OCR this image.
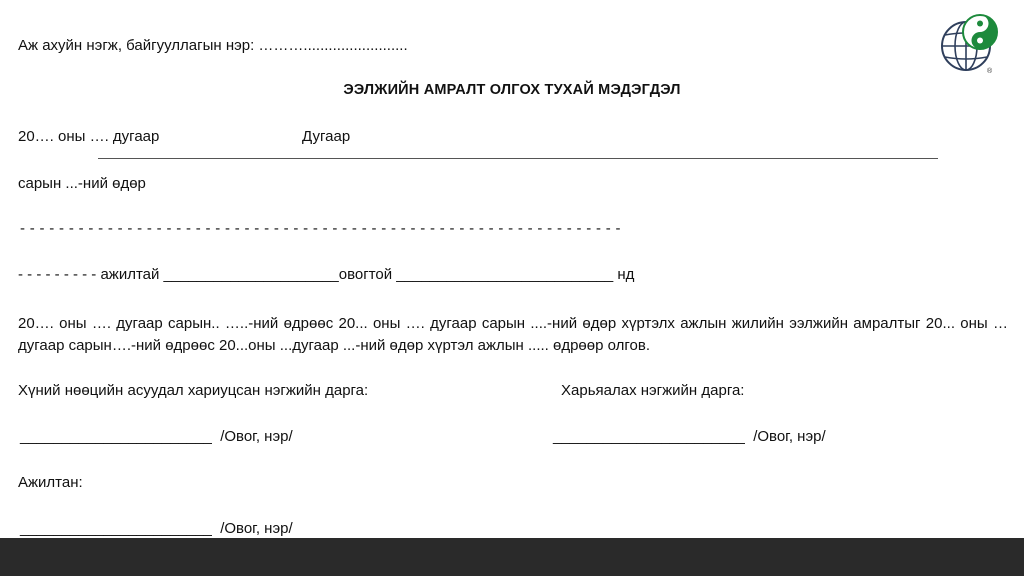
Аж ахуйн нэгж, байгууллагын нэр: ……….........................
®
ЭЭЛЖИЙН АМРАЛТ ОЛГОХ ТУХАЙ МЭДЭГДЭЛ
20…. оны …. дугаар	Дугаар
сарын ...-ний өдөр
- - - - - - - - - - - - - - - - - - - - - - - - - - - - - - - - - - - - - - - - - - - - - - - - - - - - - - - - - - - - - -
- - - - - - - - - ажилтай _____________________овогтой __________________________ нд
20…. оны …. дугаар сарын.. …..-ний өдрөөс 20... оны …. дугаар сарын ....-ний өдөр хүртэлх ажлын жилийн ээлжийн амралтыг 20... оны … дугаар сарын….-ний өдрөөс 20...оны ...дугаар ...-ний өдөр хүртэл ажлын ..... өдрөөр олгов.
Хүний нөөцийн асуудал хариуцсан нэгжийн дарга:	Харьяалах нэгжийн дарга:
_______________________  /Овог, нэр/	_______________________  /Овог, нэр/
Ажилтан:
_______________________  /Овог, нэр/
